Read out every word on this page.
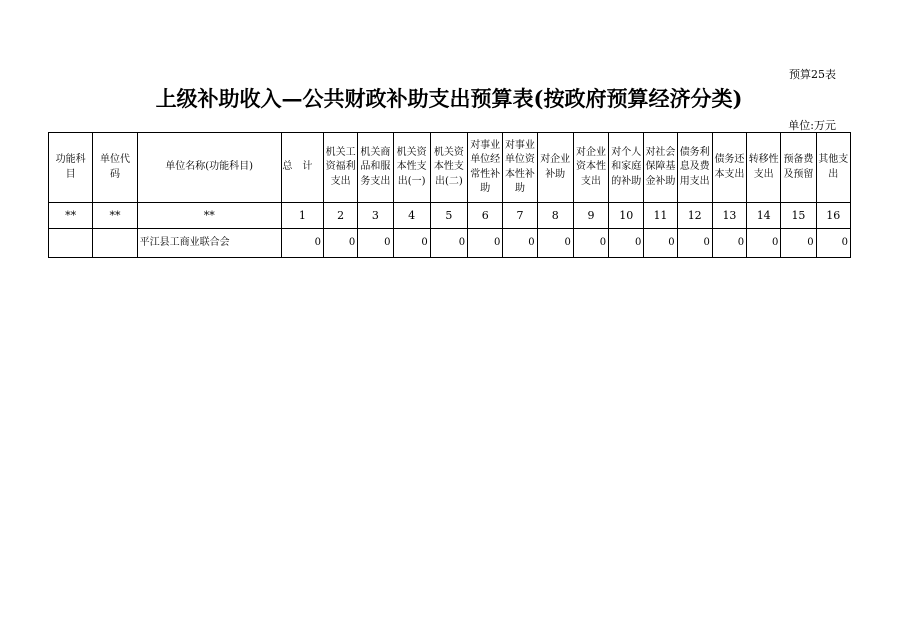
预算25表
上级补助收入—公共财政补助支出预算表(按政府预算经济分类)
单位:万元
功能科目	单位代码	单位名称(功能科目)	总计	机关工资福利支出	机关商品和服务支出	机关资本性支出(一)	机关资本性支出(二)	对事业单位经常性补助	对事业单位资本性补助	对企业补助	对企业资本性支出	对个人和家庭的补助	对社会保障基金补助	债务利息及费用支出	债务还本支出	转移性支出	预备费及预留	其他支出
**	**	**	1	2	3	4	5	6	7	8	9	10	11	12	13	14	15	16
		平江县工商业联合会	0	0	0	0	0	0	0	0	0	0	0	0	0	0	0	0
